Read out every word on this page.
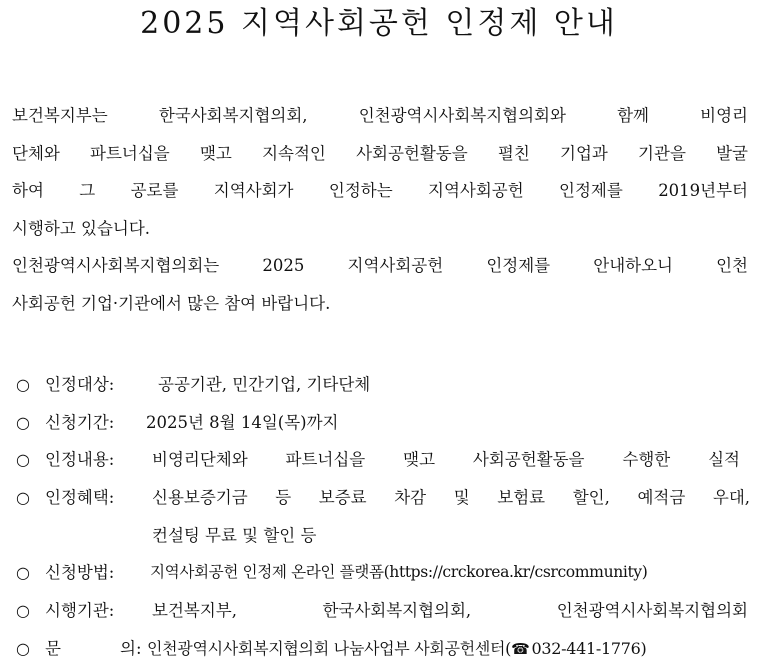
2025 지역사회공헌 인정제 안내
보건복지부는 한국사회복지협의회, 인천광역시사회복지협의회와 함께 비영리
단체와 파트너십을 맺고 지속적인 사회공헌활동을 펼친 기업과 기관을 발굴
하여 그 공로를 지역사회가 인정하는 지역사회공헌 인정제를 2019년부터
시행하고 있습니다.
인천광역시사회복지협의회는 2025 지역사회공헌 인정제를 안내하오니 인천
사회공헌 기업·기관에서 많은 참여 바랍니다.
○ 인정대상:	공공기관, 민간기업, 기타단체
○ 신청기간: 2025년 8월 14일(목)까지
○ 인정내용: 비영리단체와 파트너십을 맺고 사회공헌활동을 수행한 실적
○ 인정혜택: 신용보증기금 등 보증료 차감 및 보험료 할인, 예적금 우대,
컨설팅 무료 및 할인 등
○ 신청방법: 지역사회공헌 인정제 온라인 플랫폼(https://crckorea.kr/csrcommunity)
○ 시행기관: 보건복지부, 한국사회복지협의회, 인천광역시사회복지협의회
○ 문	의: 인천광역시사회복지협의회 나눔사업부 사회공헌센터(☎ 032-441-1776)
